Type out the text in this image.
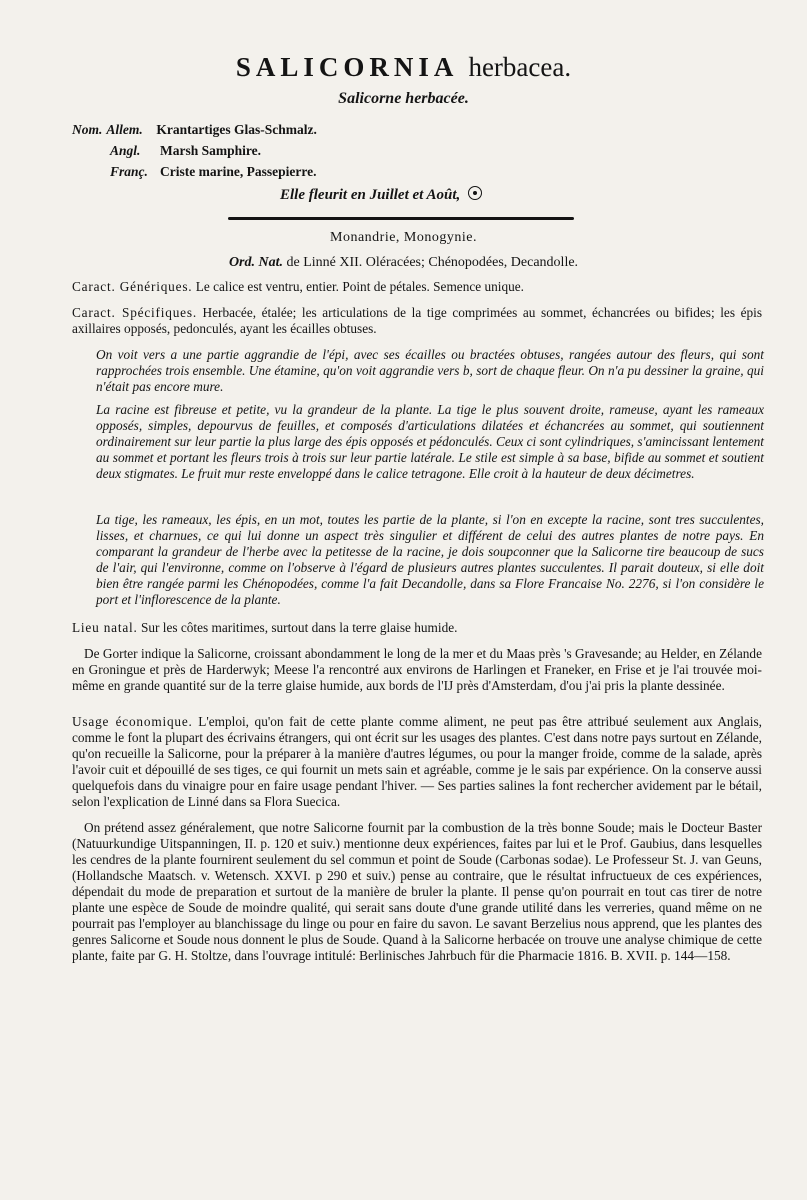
SALICORNIA herbacea.
Salicorne herbacée.
Nom. Allem. Krantartiges Glas-Schmalz.
Angl. Marsh Samphire.
Franç. Criste marine, Passepierre.
Elle fleurit en Juillet et Août,
Monandrie, Monogynie.
Ord. Nat. de Linné XII. Oléracées; Chénopodées, Decandolle.
Caract. Génériques. Le calice est ventru, entier. Point de pétales. Semence unique.
Caract. Spécifiques. Herbacée, étalée; les articulations de la tige comprimées au sommet, échancrées ou bifides; les épis axillaires opposés, pedonculés, ayant les écailles obtuses.
On voit vers a une partie aggrandie de l'épi, avec ses écailles ou bractées obtuses, rangées autour des fleurs, qui sont rapprochées trois ensemble. Une étamine, qu'on voit aggrandie vers b, sort de chaque fleur. On n'a pu dessiner la graine, qui n'était pas encore mure.
La racine est fibreuse et petite, vu la grandeur de la plante. La tige le plus souvent droite, rameuse, ayant les rameaux opposés, simples, depourvus de feuilles, et composés d'articulations dilatées et échancrées au sommet, qui soutiennent ordinairement sur leur partie la plus large des épis opposés et pédonculés. Ceux ci sont cylindriques, s'amincissant lentement au sommet et portant les fleurs trois à trois sur leur partie latérale. Le stile est simple à sa base, bifide au sommet et soutient deux stigmates. Le fruit mur reste enveloppé dans le calice tetragone. Elle croit à la hauteur de deux décimetres.
La tige, les rameaux, les épis, en un mot, toutes les partie de la plante, si l'on en excepte la racine, sont tres succulentes, lisses, et charnues, ce qui lui donne un aspect très singulier et différent de celui des autres plantes de notre pays. En comparant la grandeur de l'herbe avec la petitesse de la racine, je dois soupconner que la Salicorne tire beaucoup de sucs de l'air, qui l'environne, comme on l'observe à l'égard de plusieurs autres plantes succulentes. Il parait douteux, si elle doit bien être rangée parmi les Chénopodées, comme l'a fait Decandolle, dans sa Flore Francaise No. 2276, si l'on considère le port et l'inflorescence de la plante.
Lieu natal. Sur les côtes maritimes, surtout dans la terre glaise humide.
De Gorter indique la Salicorne, croissant abondamment le long de la mer et du Maas près 's Gravesande; au Helder, en Zélande en Groningue et près de Harderwyk; Meese l'a rencontré aux environs de Harlingen et Franeker, en Frise et je l'ai trouvée moi-même en grande quantité sur de la terre glaise humide, aux bords de l'IJ près d'Amsterdam, d'ou j'ai pris la plante dessinée.
Usage économique. L'emploi, qu'on fait de cette plante comme aliment, ne peut pas être attribué seulement aux Anglais, comme le font la plupart des écrivains étrangers, qui ont écrit sur les usages des plantes. C'est dans notre pays surtout en Zélande, qu'on recueille la Salicorne, pour la préparer à la manière d'autres légumes, ou pour la manger froide, comme de la salade, après l'avoir cuit et dépouillé de ses tiges, ce qui fournit un mets sain et agréable, comme je le sais par expérience. On la conserve aussi quelquefois dans du vinaigre pour en faire usage pendant l'hiver. — Ses parties salines la font rechercher avidement par le bétail, selon l'explication de Linné dans sa Flora Suecica.
On prétend assez généralement, que notre Salicorne fournit par la combustion de la très bonne Soude; mais le Docteur Baster (Natuurkundige Uitspanningen, II. p. 120 et suiv.) mentionne deux expériences, faites par lui et le Prof. Gaubius, dans lesquelles les cendres de la plante fournirent seulement du sel commun et point de Soude (Carbonas sodae). Le Professeur St. J. van Geuns, (Hollandsche Maatsch. v. Wetensch. XXVI. p 290 et suiv.) pense au contraire, que le résultat infructueux de ces expériences, dépendait du mode de preparation et surtout de la manière de bruler la plante. Il pense qu'on pourrait en tout cas tirer de notre plante une espèce de Soude de moindre qualité, qui serait sans doute d'une grande utilité dans les verreries, quand même on ne pourrait pas l'employer au blanchissage du linge ou pour en faire du savon. Le savant Berzelius nous apprend, que les plantes des genres Salicorne et Soude nous donnent le plus de Soude. Quand à la Salicorne herbacée on trouve une analyse chimique de cette plante, faite par G. H. Stoltze, dans l'ouvrage intitulé: Berlinisches Jahrbuch für die Pharmacie 1816. B. XVII. p. 144—158.
